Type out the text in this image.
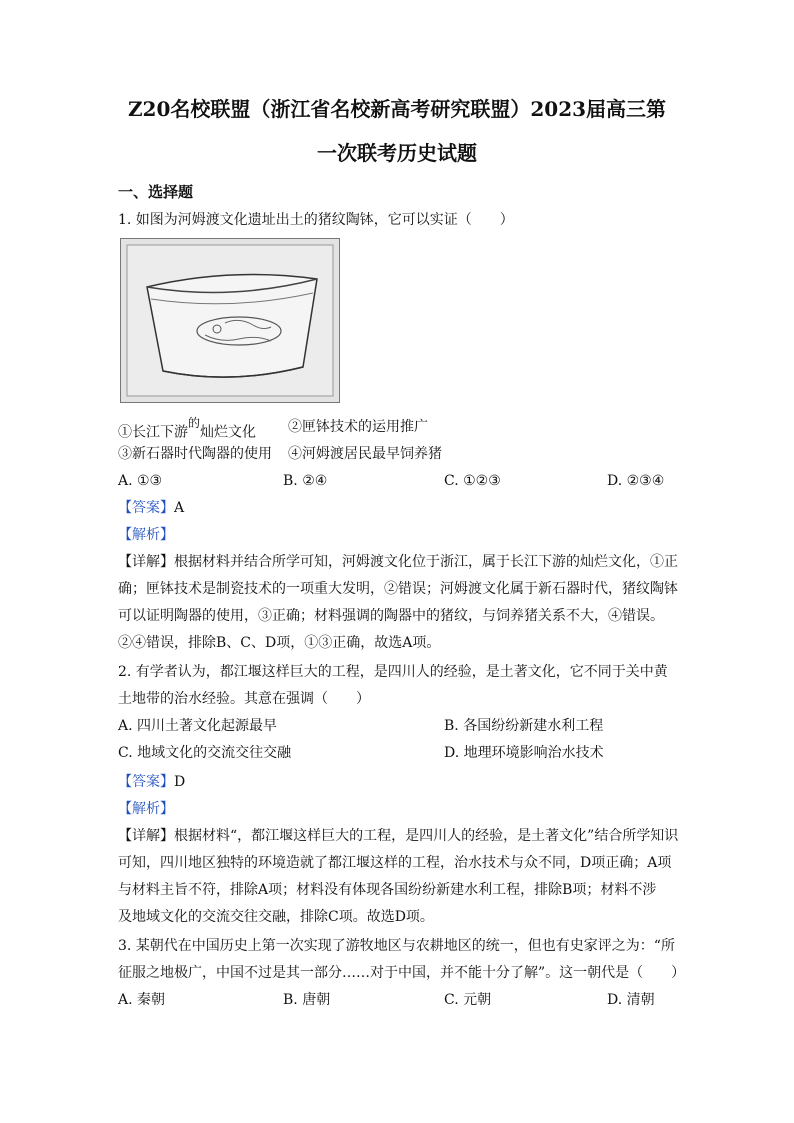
Z20名校联盟（浙江省名校新高考研究联盟）2023届高三第
一次联考历史试题
一、选择题
1. 如图为河姆渡文化遗址出土的猪纹陶钵，它可以实证（　　）
①长江下游$^的$灿烂文化 ②匣钵技术的运用推广
③新石器时代陶器的使用 ④河姆渡居民最早饲养猪
A. ①③	B. ②④	C. ①②③	D. ②③④
【答案】A
【解析】
【详解】根据材料并结合所学可知，河姆渡文化位于浙江，属于长江下游的灿烂文化，①正
确；匣钵技术是制瓷技术的一项重大发明，②错误；河姆渡文化属于新石器时代，猪纹陶钵
可以证明陶器的使用，③正确；材料强调的陶器中的猪纹，与饲养猪关系不大，④错误。
②④错误，排除B、C、D项，①③正确，故选A项。
2. 有学者认为，都江堰这样巨大的工程，是四川人的经验，是土著文化，它不同于关中黄
土地带的治水经验。其意在强调（　　）
A. 四川土著文化起源最早	B. 各国纷纷新建水利工程
C. 地域文化的交流交往交融	D. 地理环境影响治水技术
【答案】D
【解析】
【详解】根据材料“，都江堰这样巨大的工程，是四川人的经验，是土著文化”结合所学知识
可知，四川地区独特的环境造就了都江堰这样的工程，治水技术与众不同，D项正确；A项
与材料主旨不符，排除A项；材料没有体现各国纷纷新建水利工程，排除B项；材料不涉
及地域文化的交流交往交融，排除C项。故选D项。
3. 某朝代在中国历史上第一次实现了游牧地区与农耕地区的统一，但也有史家评之为：“所
征服之地极广，中国不过是其一部分……对于中国，并不能十分了解”。这一朝代是（　　）
A. 秦朝	B. 唐朝	C. 元朝	D. 清朝
